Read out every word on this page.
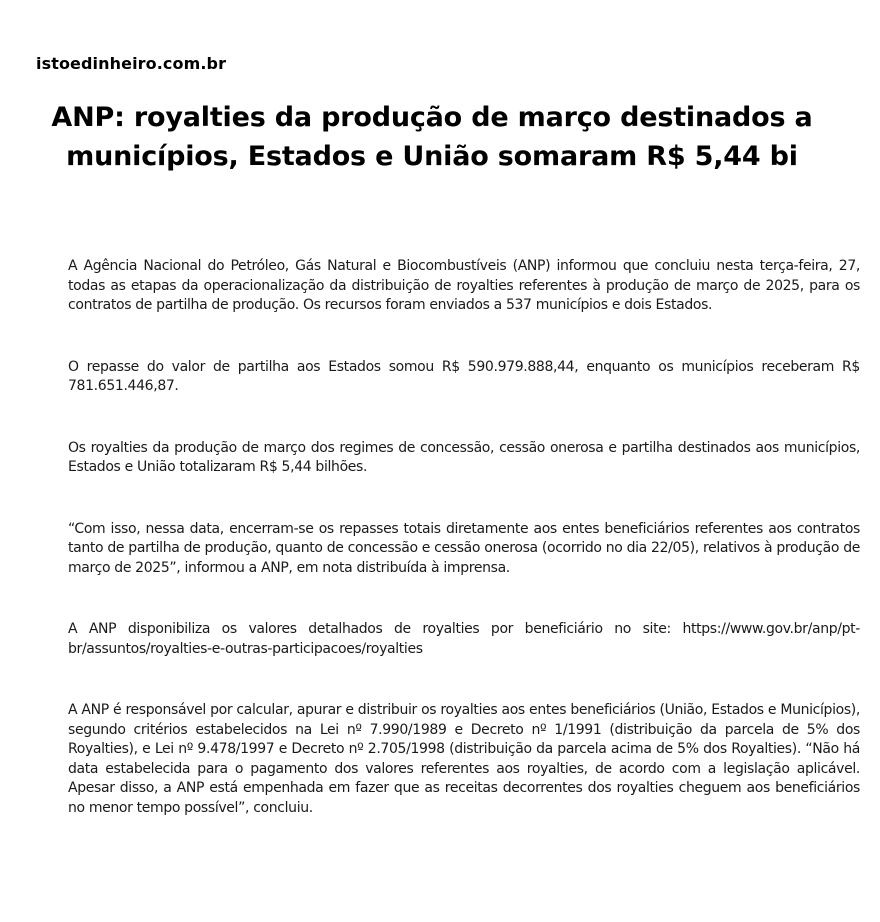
istoedinheiro.com.br
ANP: royalties da produção de março destinados a municípios, Estados e União somaram R$ 5,44 bi

A Agência Nacional do Petróleo, Gás Natural e Biocombustíveis (ANP) informou que concluiu nesta terça-feira, 27, todas as etapas da operacionalização da distribuição de royalties referentes à produção de março de 2025, para os contratos de partilha de produção. Os recursos foram enviados a 537 municípios e dois Estados.

O repasse do valor de partilha aos Estados somou R$ 590.979.888,44, enquanto os municípios receberam R$ 781.651.446,87.

Os royalties da produção de março dos regimes de concessão, cessão onerosa e partilha destinados aos municípios, Estados e União totalizaram R$ 5,44 bilhões.

“Com isso, nessa data, encerram-se os repasses totais diretamente aos entes beneficiários referentes aos contratos tanto de partilha de produção, quanto de concessão e cessão onerosa (ocorrido no dia 22/05), relativos à produção de março de 2025”, informou a ANP, em nota distribuída à imprensa.

A ANP disponibiliza os valores detalhados de royalties por beneficiário no site: https://www.gov.br/anp/pt-br/assuntos/royalties-e-outras-participacoes/royalties

A ANP é responsável por calcular, apurar e distribuir os royalties aos entes beneficiários (União, Estados e Municípios), segundo critérios estabelecidos na Lei nº 7.990/1989 e Decreto nº 1/1991 (distribuição da parcela de 5% dos Royalties), e Lei nº 9.478/1997 e Decreto nº 2.705/1998 (distribuição da parcela acima de 5% dos Royalties). “Não há data estabelecida para o pagamento dos valores referentes aos royalties, de acordo com a legislação aplicável. Apesar disso, a ANP está empenhada em fazer que as receitas decorrentes dos royalties cheguem aos beneficiários no menor tempo possível”, concluiu.
